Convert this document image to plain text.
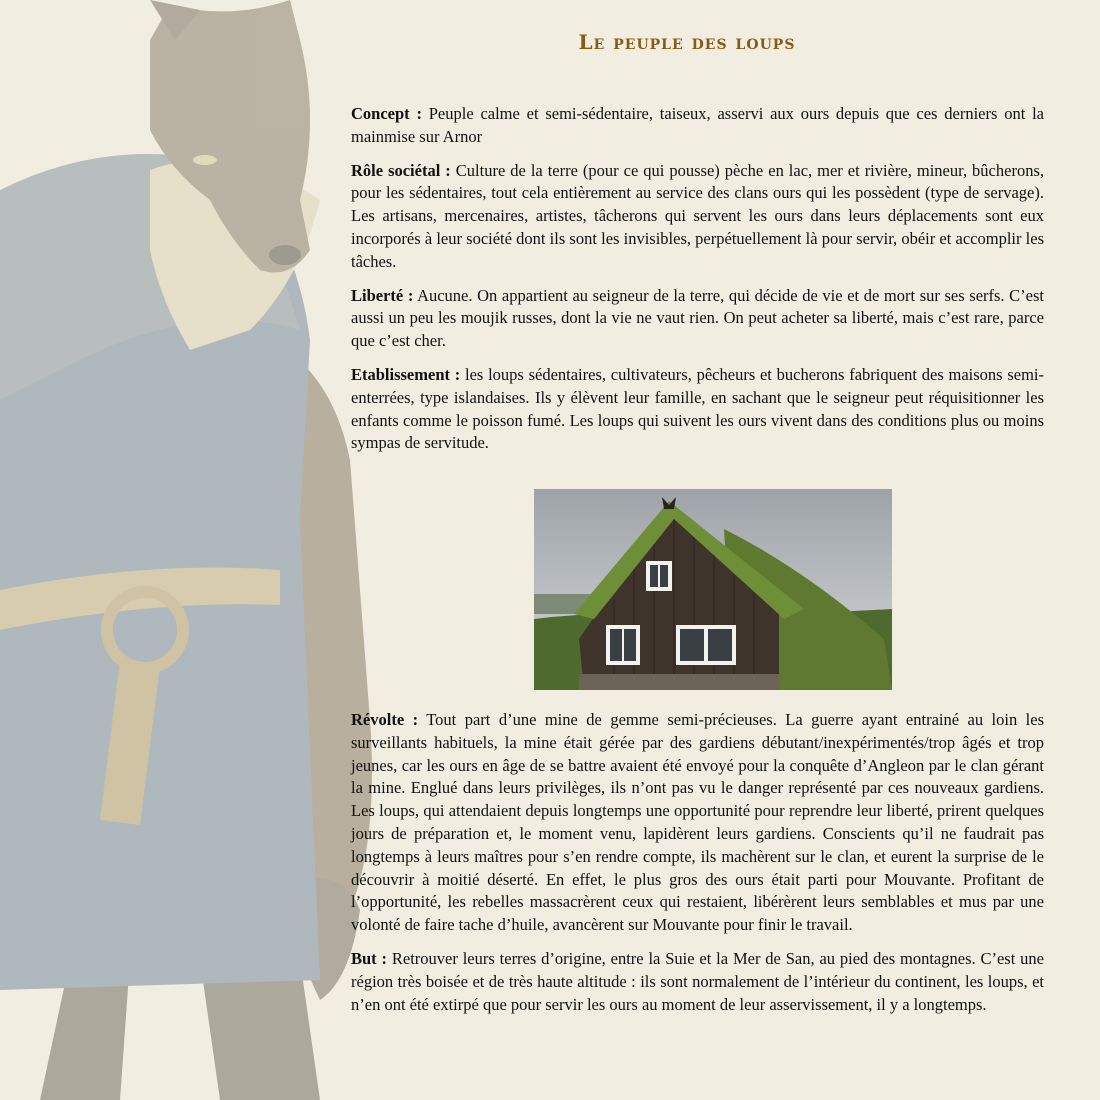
Le peuple des loups

Concept : Peuple calme et semi-sédentaire, taiseux, asservi aux ours depuis que ces derniers ont la mainmise sur Arnor

Rôle sociétal : Culture de la terre (pour ce qui pousse) pèche en lac, mer et rivière, mineur, bûcherons, pour les sédentaires, tout cela entièrement au service des clans ours qui les possèdent (type de servage). Les artisans, mercenaires, artistes, tâcherons qui servent les ours dans leurs déplacements sont eux incorporés à leur société dont ils sont les invisibles, perpétuellement là pour servir, obéir et accomplir les tâches.

Liberté : Aucune. On appartient au seigneur de la terre, qui décide de vie et de mort sur ses serfs. C’est aussi un peu les moujik russes, dont la vie ne vaut rien. On peut acheter sa liberté, mais c’est rare, parce que c’est cher.

Etablissement : les loups sédentaires, cultivateurs, pêcheurs et bucherons fabriquent des maisons semi-enterrées, type islandaises. Ils y élèvent leur famille, en sachant que le seigneur peut réquisitionner les enfants comme le poisson fumé. Les loups qui suivent les ours vivent dans des conditions plus ou moins sympas de servitude.

Révolte : Tout part d’une mine de gemme semi-précieuses. La guerre ayant entrainé au loin les surveillants habituels, la mine était gérée par des gardiens débutant/inexpérimentés/trop âgés et trop jeunes, car les ours en âge de se battre avaient été envoyé pour la conquête d’Angleon par le clan gérant la mine. Englué dans leurs privilèges, ils n’ont pas vu le danger représenté par ces nouveaux gardiens. Les loups, qui attendaient depuis longtemps une opportunité pour reprendre leur liberté, prirent quelques jours de préparation et, le moment venu, lapidèrent leurs gardiens. Conscients qu’il ne faudrait pas longtemps à leurs maîtres pour s’en rendre compte, ils machèrent sur le clan, et eurent la surprise de le découvrir à moitié déserté. En effet, le plus gros des ours était parti pour Mouvante. Profitant de l’opportunité, les rebelles massacrèrent ceux qui restaient, libérèrent leurs semblables et mus par une volonté de faire tache d’huile, avancèrent sur Mouvante pour finir le travail.

But : Retrouver leurs terres d’origine, entre la Suie et la Mer de San, au pied des montagnes. C’est une région très boisée et de très haute altitude : ils sont normalement de l’intérieur du continent, les loups, et n’en ont été extirpé que pour servir les ours au moment de leur asservissement, il y a longtemps.
